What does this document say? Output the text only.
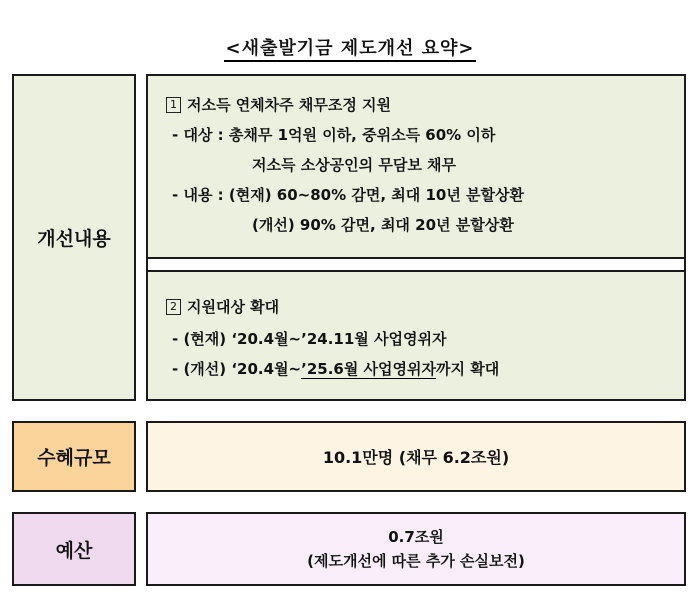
<새출발기금 제도개선 요약>
개선내용
1 저소득 연체차주 채무조정 지원
- 대상 : 총채무 1억원 이하, 중위소득 60% 이하
저소득 소상공인의 무담보 채무
- 내용 : (현재) 60~80% 감면, 최대 10년 분할상환
(개선) 90% 감면, 최대 20년 분할상환
2 지원대상 확대
- (현재) ‘20.4월~’24.11월 사업영위자
- (개선) ‘20.4월~’25.6월 사업영위자까지 확대
수혜규모	10.1만명 (채무 6.2조원)
예산
0.7조원
(제도개선에 따른 추가 손실보전)
